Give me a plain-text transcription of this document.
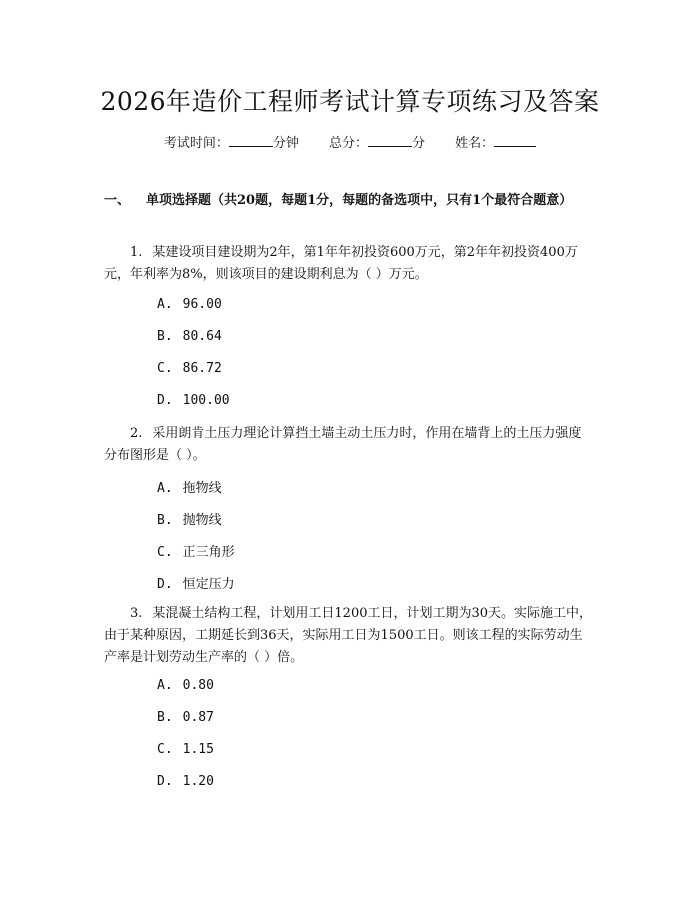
2026年造价工程师考试计算专项练习及答案
考试时间：	分钟 总分：	分 姓名：
一、 单项选择题（共20题，每题1分，每题的备选项中，只有1个最符合题意）
1. 某建设项目建设期为2年，第1年年初投资600万元，第2年年初投资400万元，年利率为8%，则该项目的建设期利息为（ ）万元。
A. 96.00
B. 80.64
C. 86.72
D. 100.00
2. 采用朗肯土压力理论计算挡土墙主动土压力时，作用在墙背上的土压力强度分布图形是（ ）。
A. 拖物线
B. 抛物线
C. 正三角形
D. 恒定压力
3. 某混凝土结构工程，计划用工日1200工日，计划工期为30天。实际施工中，由于某种原因，工期延长到36天，实际用工日为1500工日。则该工程的实际劳动生产率是计划劳动生产率的（ ）倍。
A. 0.80
B. 0.87
C. 1.15
D. 1.20
